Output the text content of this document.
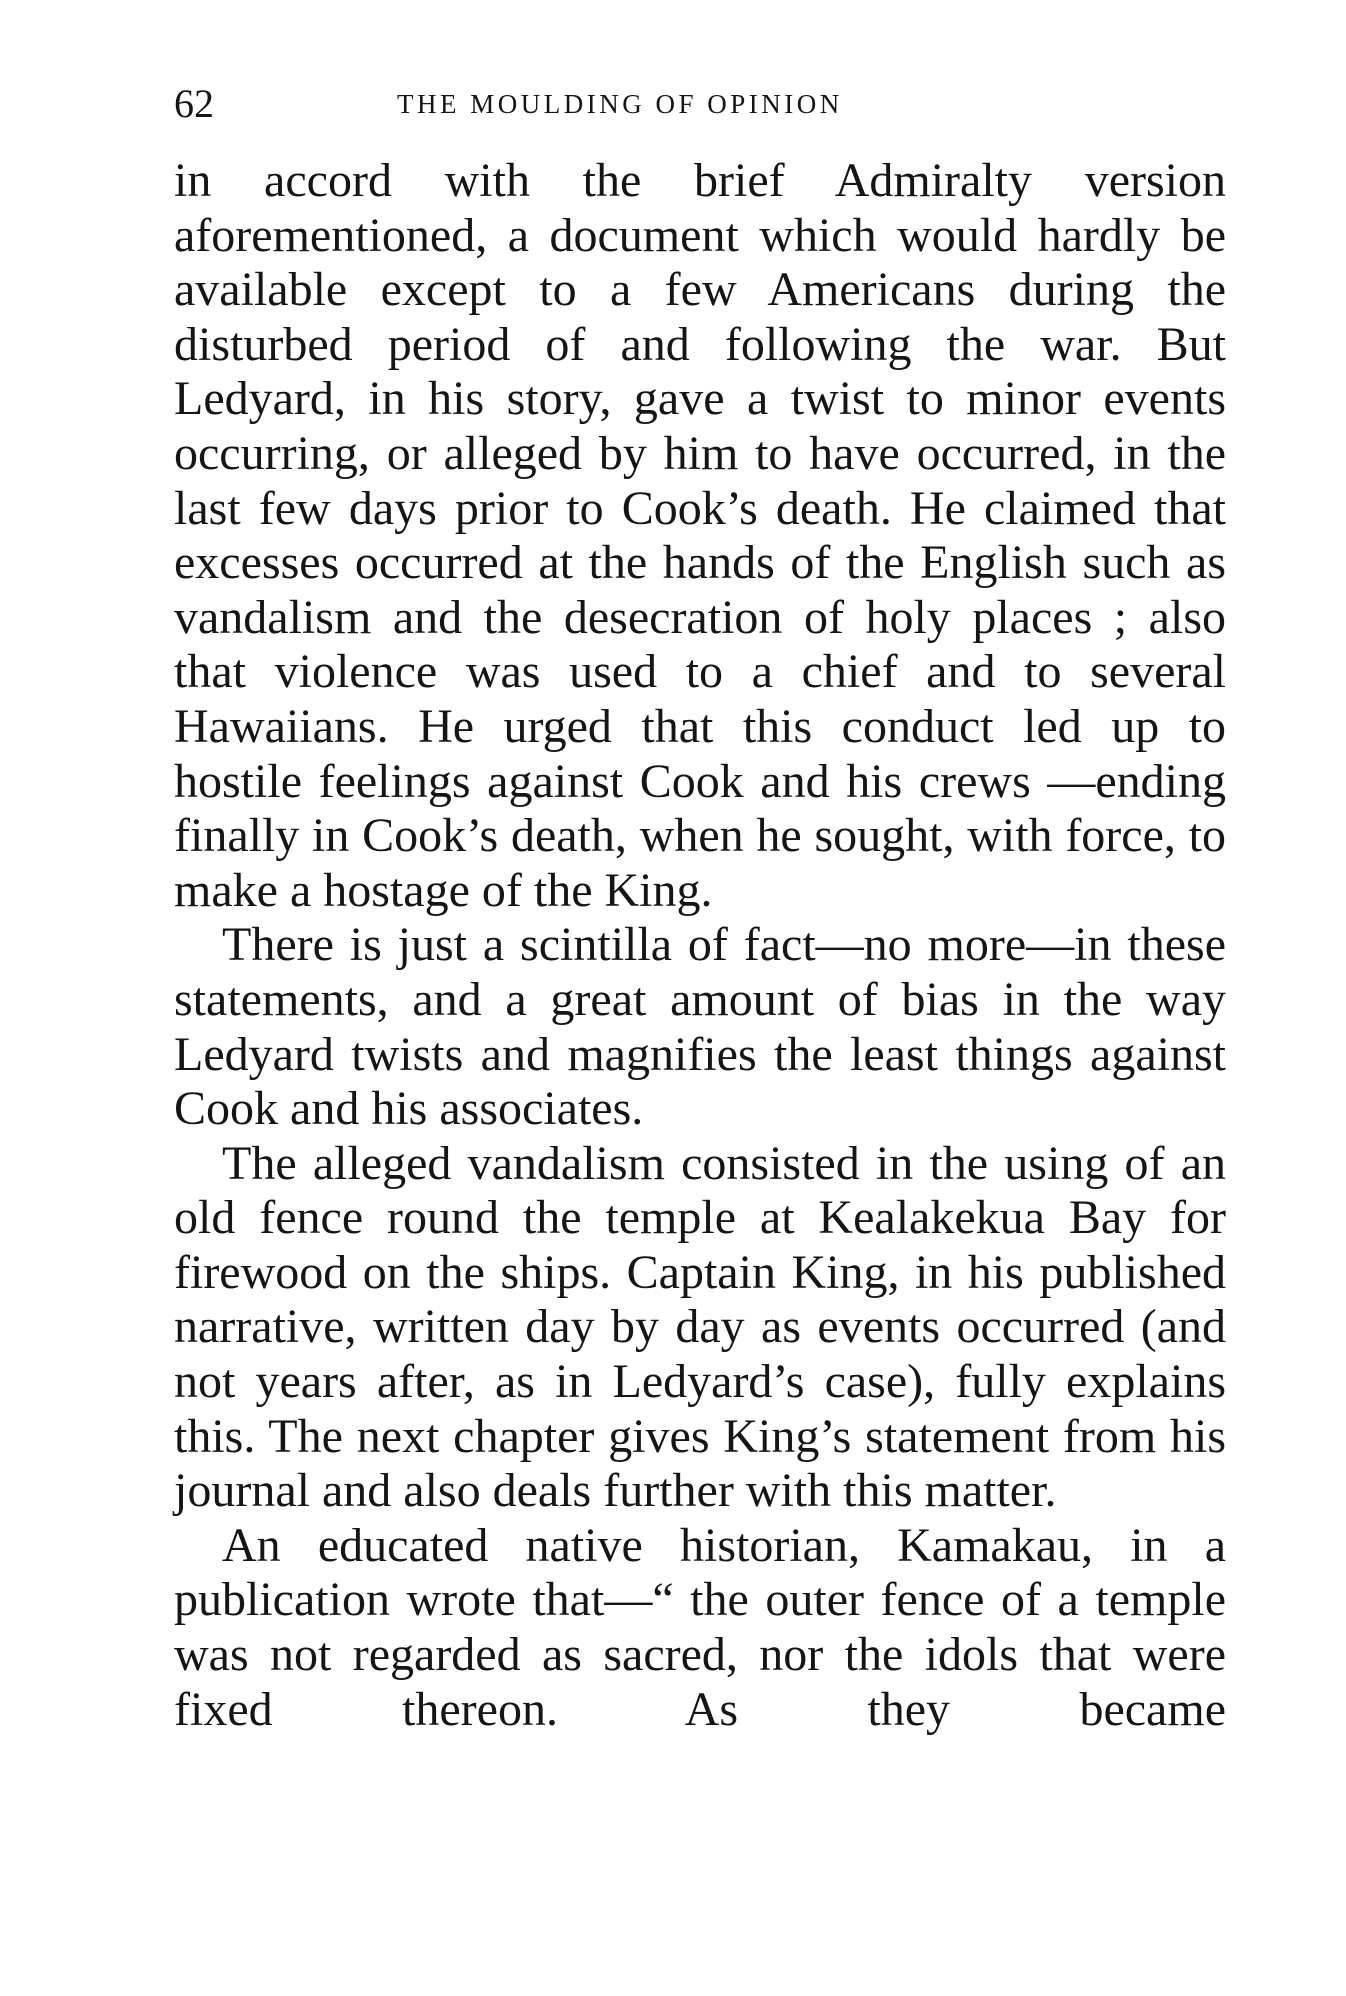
62	THE MOULDING OF OPINION

in accord with the brief Admiralty version aforementioned, a document which would hardly be available except to a few Americans during the disturbed period of and following the war. But Ledyard, in his story, gave a twist to minor events occurring, or alleged by him to have occurred, in the last few days prior to Cook’s death. He claimed that excesses occurred at the hands of the English such as vandalism and the desecration of holy places ; also that violence was used to a chief and to several Hawaiians. He urged that this conduct led up to hostile feelings against Cook and his crews —ending finally in Cook’s death, when he sought, with force, to make a hostage of the King.

There is just a scintilla of fact—no more—in these statements, and a great amount of bias in the way Ledyard twists and magnifies the least things against Cook and his associates.

The alleged vandalism consisted in the using of an old fence round the temple at Kealakekua Bay for firewood on the ships. Captain King, in his published narrative, written day by day as events occurred (and not years after, as in Ledyard’s case), fully explains this. The next chapter gives King’s statement from his journal and also deals further with this matter.

An educated native historian, Kamakau, in a publication wrote that—“ the outer fence of a temple was not regarded as sacred, nor the idols that were fixed thereon. As they became
